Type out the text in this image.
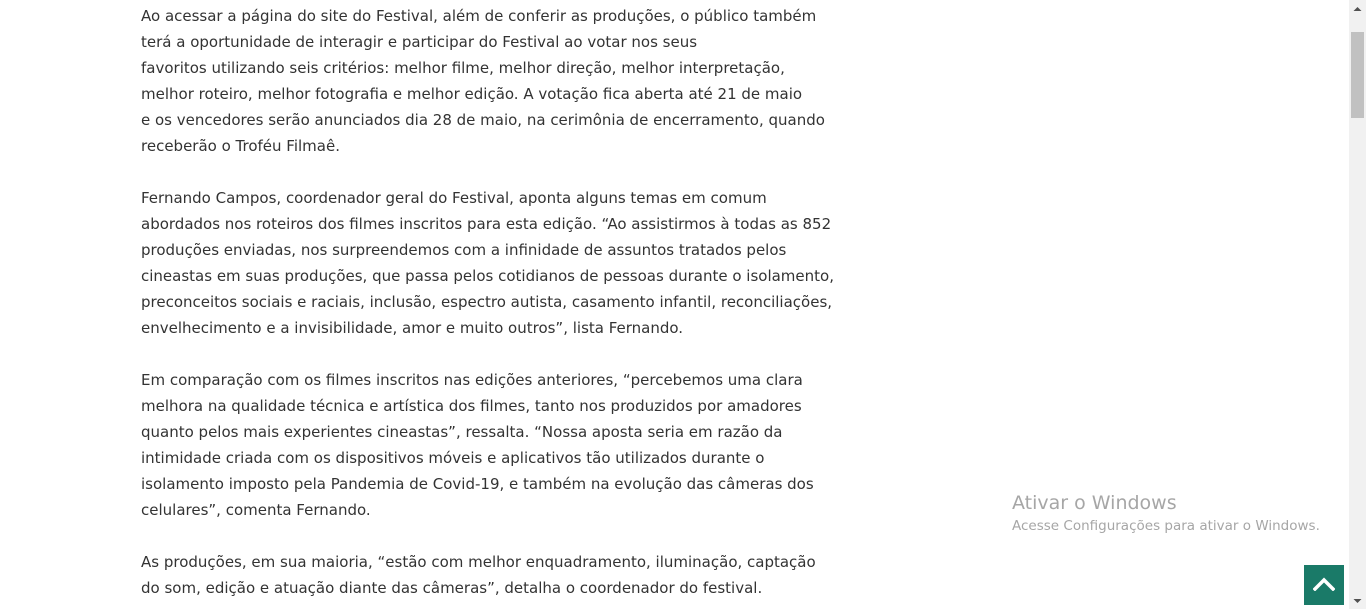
Ao acessar a página do site do Festival, além de conferir as produções, o público também
terá a oportunidade de interagir e participar do Festival ao votar nos seus
favoritos utilizando seis critérios: melhor filme, melhor direção, melhor interpretação,
melhor roteiro, melhor fotografia e melhor edição. A votação fica aberta até 21 de maio
e os vencedores serão anunciados dia 28 de maio, na cerimônia de encerramento, quando
receberão o Troféu Filmaê.

Fernando Campos, coordenador geral do Festival, aponta alguns temas em comum
abordados nos roteiros dos filmes inscritos para esta edição. “Ao assistirmos à todas as 852
produções enviadas, nos surpreendemos com a infinidade de assuntos tratados pelos
cineastas em suas produções, que passa pelos cotidianos de pessoas durante o isolamento,
preconceitos sociais e raciais, inclusão, espectro autista, casamento infantil, reconciliações,
envelhecimento e a invisibilidade, amor e muito outros”, lista Fernando.

Em comparação com os filmes inscritos nas edições anteriores, “percebemos uma clara
melhora na qualidade técnica e artística dos filmes, tanto nos produzidos por amadores
quanto pelos mais experientes cineastas”, ressalta. “Nossa aposta seria em razão da
intimidade criada com os dispositivos móveis e aplicativos tão utilizados durante o
isolamento imposto pela Pandemia de Covid-19, e também na evolução das câmeras dos
celulares”, comenta Fernando.

As produções, em sua maioria, “estão com melhor enquadramento, iluminação, captação
do som, edição e atuação diante das câmeras”, detalha o coordenador do festival.

Ativar o Windows
Acesse Configurações para ativar o Windows.
